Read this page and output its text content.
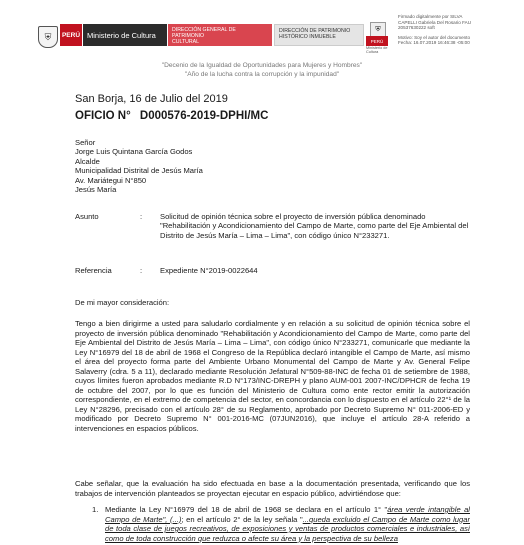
⛨	PERÚ Ministerio de Cultura
DIRECCIÓN GENERAL DE PATRIMONIO
CULTURAL
DIRECCIÓN DE PATRIMONIO
HISTÓRICO INMUEBLE
⛨
PERÚ
Ministerio de Cultura
Firmado digitalmente por SILVA
CAPELLI Gabriela Del Rosario FAU
20537630222 soft
Motivo: Soy el autor del documento
Fecha: 16.07.2019 16:46:38 -05:00
"Decenio de la Igualdad de Oportunidades para Mujeres y Hombres"
"Año de la lucha contra la corrupción y la impunidad"
San Borja, 16 de Julio del 2019
OFICIO N° D000576-2019-DPHI/MC
Señor
Jorge Luis Quintana García Godos
Alcalde
Municipalidad Distrital de Jesús María
Av. Mariátegui N°850
Jesús María
Asunto	: Solicitud de opinión técnica sobre el proyecto de inversión pública denominado "Rehabilitación y Acondicionamiento del Campo de Marte, como parte del Eje Ambiental del Distrito de Jesús María – Lima – Lima", con código único N°233271.
Referencia	: Expediente N°2019-0022644
De mi mayor consideración:
Tengo a bien dirigirme a usted para saludarlo cordialmente y en relación a su solicitud de opinión técnica sobre el proyecto de inversión pública denominado "Rehabilitación y Acondicionamiento del Campo de Marte, como parte del Eje Ambiental del Distrito de Jesús María – Lima – Lima", con código único N°233271, comunicarle que mediante la Ley N°16979 del 18 de abril de 1968 el Congreso de la República declaró intangible el Campo de Marte, así mismo el área del proyecto forma parte del Ambiente Urbano Monumental del Campo de Marte y Av. General Felipe Salaverry (cdra. 5 a 11), declarado mediante Resolución Jefatural N°509-88-INC de fecha 01 de setiembre de 1988, cuyos límites fueron aprobados mediante R.D N°173/INC-DREPH y plano AUM-001 2007-INC/DPHCR de fecha 19 de octubre del 2007, por lo que es función del Ministerio de Cultura como ente rector emitir la autorización correspondiente, en el extremo de competencia del sector, en concordancia con lo dispuesto en el artículo 22°¹ de la Ley N°28296, precisado con el artículo 28° de su Reglamento, aprobado por Decreto Supremo N° 011-2006-ED y modificado por Decreto Supremo N° 001-2016-MC (07JUN2016), que incluye el artículo 28-A referido a intervenciones en espacios públicos.
Cabe señalar, que la evaluación ha sido efectuada en base a la documentación presentada, verificando que los trabajos de intervención planteados se proyectan ejecutar en espacio público, advirtiéndose que:
1. Mediante la Ley N°16979 del 18 de abril de 1968 se declara en el artículo 1° "área verde intangible al Campo de Marte", (...); en el artículo 2° de la ley señala "...queda excluido el Campo de Marte como lugar de toda clase de juegos recreativos, de exposiciones y ventas de productos comerciales e industriales, así como de toda construcción que reduzca o afecte su área y la perspectiva de su belleza
